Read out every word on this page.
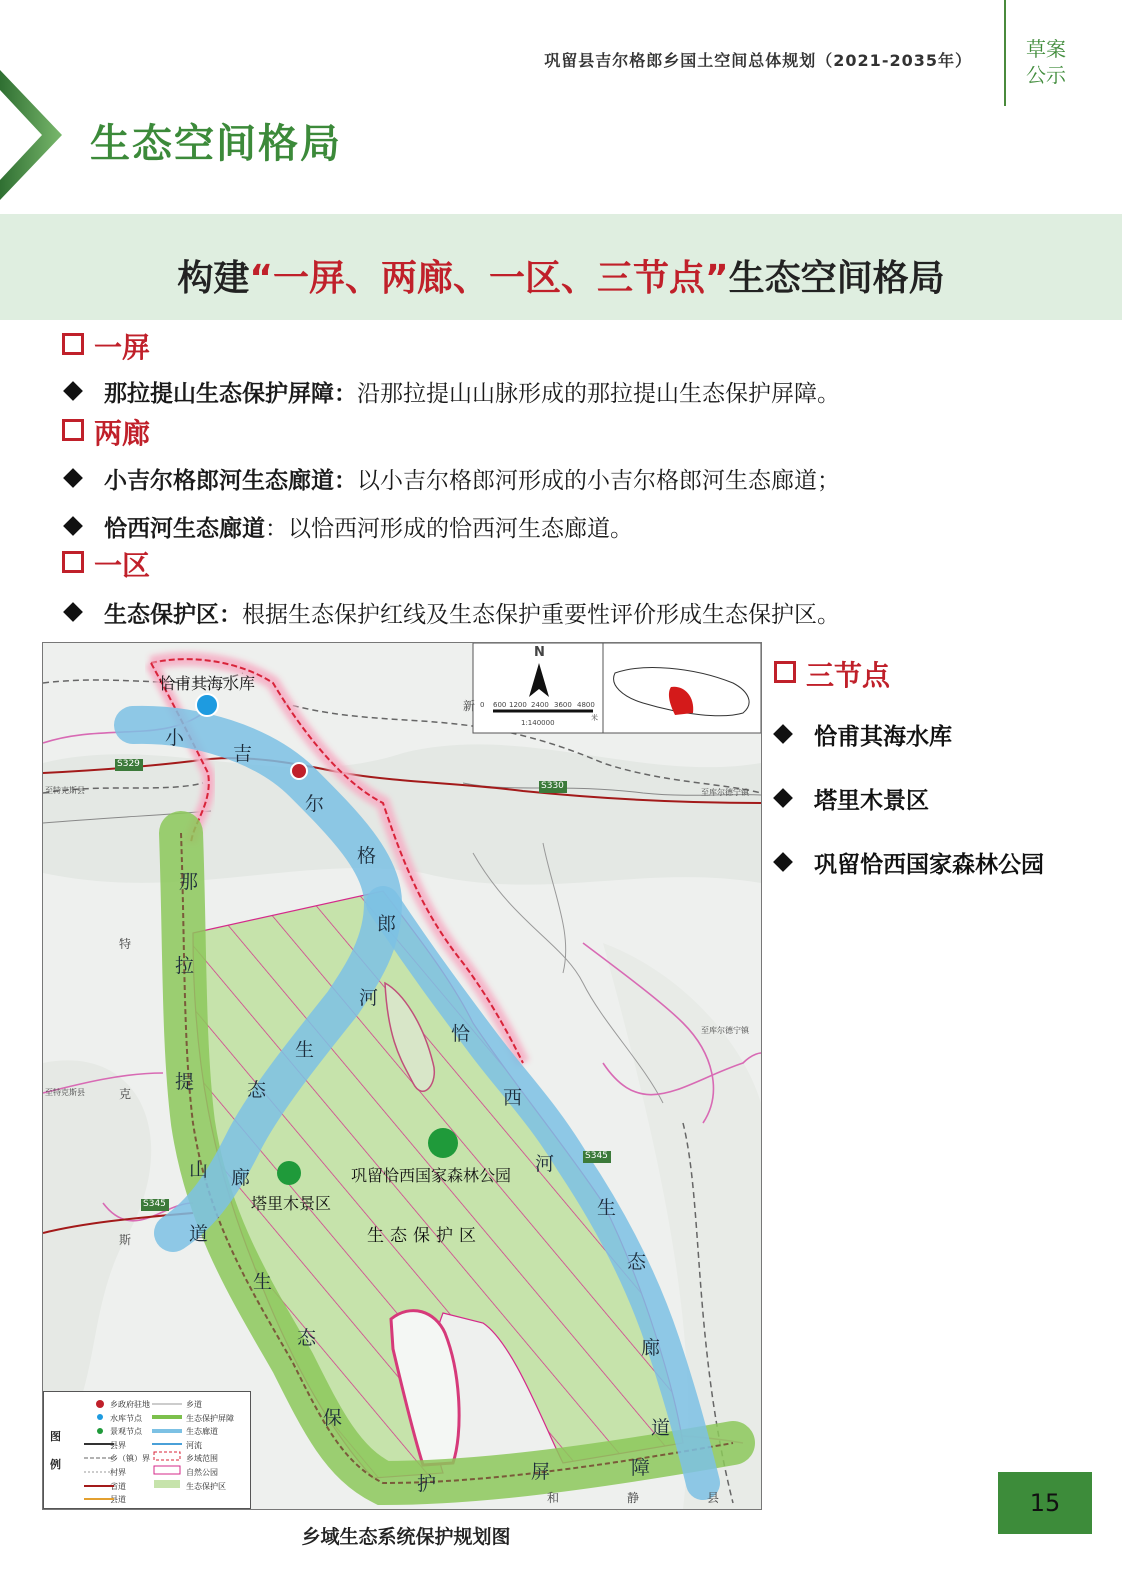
巩留县吉尔格郎乡国土空间总体规划（2021-2035年）	草案
公示
生态空间格局
构建“一屏、两廊、一区、三节点”生态空间格局
一屏
那拉提山生态保护屏障：沿那拉提山山脉形成的那拉提山生态保护屏障。
两廊
小吉尔格郎河生态廊道：以小吉尔格郎河形成的小吉尔格郎河生态廊道；
恰西河生态廊道：以恰西河形成的恰西河生态廊道。
一区
生态保护区：根据生态保护红线及生态保护重要性评价形成生态保护区。
恰甫其海水库
巩留恰西国家森林公园
塔里木景区
生态保护区
小
吉
尔
格
郎
河
生
态
廊
道
恰
西
河
生
态
廊
道
那
拉
提
山
生
态
保
护
屏	障
特
克
斯
和	静	县
新
S329
S330
S345
S345
至特克斯县
至特克斯县
至库尔德宁镇
至库尔德宁镇
N
0 600 1200 2400 3600 4800
米
1:140000
图
例
乡政府驻地
水库节点
景观节点
县界
乡（镇）界
村界
省道
县道
乡道
生态保护屏障
生态廊道
河流
乡域范围
自然公园
生态保护区
三节点
恰甫其海水库
塔里木景区
巩留恰西国家森林公园
乡域生态系统保护规划图
15
